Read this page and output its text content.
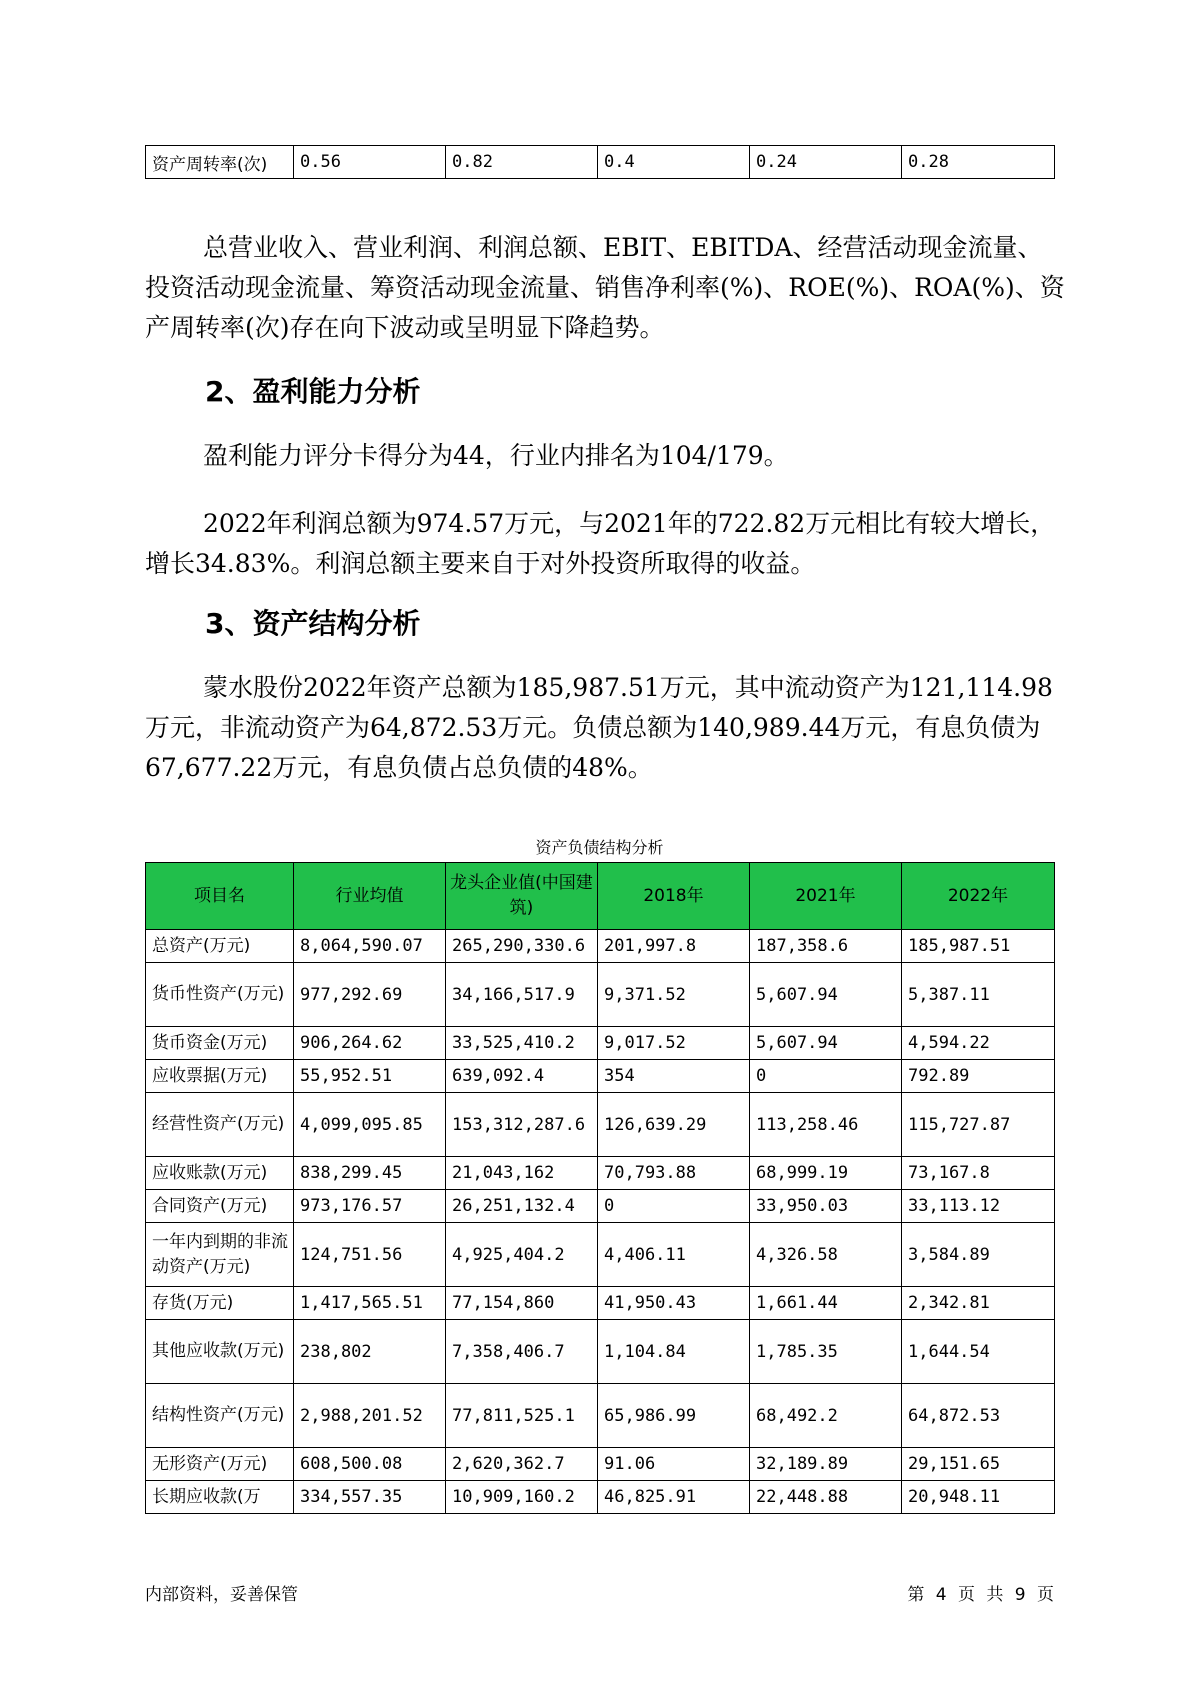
资产周转率(次)	0.56	0.82	0.4	0.24	0.28

总营业收入、营业利润、利润总额、EBIT、EBITDA、经营活动现金流量、投资活动现金流量、筹资活动现金流量、销售净利率(%)、ROE(%)、ROA(%)、资产周转率(次)存在向下波动或呈明显下降趋势。

2、盈利能力分析

盈利能力评分卡得分为44，行业内排名为104/179。

2022年利润总额为974.57万元，与2021年的722.82万元相比有较大增长，增长34.83%。利润总额主要来自于对外投资所取得的收益。

3、资产结构分析

蒙水股份2022年资产总额为185,987.51万元，其中流动资产为121,114.98万元，非流动资产为64,872.53万元。负债总额为140,989.44万元，有息负债为67,677.22万元，有息负债占总负债的48%。

资产负债结构分析
项目名	行业均值	龙头企业值(中国建筑)	2018年	2021年	2022年
总资产(万元)	8,064,590.07	265,290,330.6	201,997.8	187,358.6	185,987.51
货币性资产(万元)	977,292.69	34,166,517.9	9,371.52	5,607.94	5,387.11
货币资金(万元)	906,264.62	33,525,410.2	9,017.52	5,607.94	4,594.22
应收票据(万元)	55,952.51	639,092.4	354	0	792.89
经营性资产(万元)	4,099,095.85	153,312,287.6	126,639.29	113,258.46	115,727.87
应收账款(万元)	838,299.45	21,043,162	70,793.88	68,999.19	73,167.8
合同资产(万元)	973,176.57	26,251,132.4	0	33,950.03	33,113.12
一年内到期的非流动资产(万元)	124,751.56	4,925,404.2	4,406.11	4,326.58	3,584.89
存货(万元)	1,417,565.51	77,154,860	41,950.43	1,661.44	2,342.81
其他应收款(万元)	238,802	7,358,406.7	1,104.84	1,785.35	1,644.54
结构性资产(万元)	2,988,201.52	77,811,525.1	65,986.99	68,492.2	64,872.53
无形资产(万元)	608,500.08	2,620,362.7	91.06	32,189.89	29,151.65
长期应收款(万	334,557.35	10,909,160.2	46,825.91	22,448.88	20,948.11
内部资料，妥善保管	第 4 页 共 9 页
